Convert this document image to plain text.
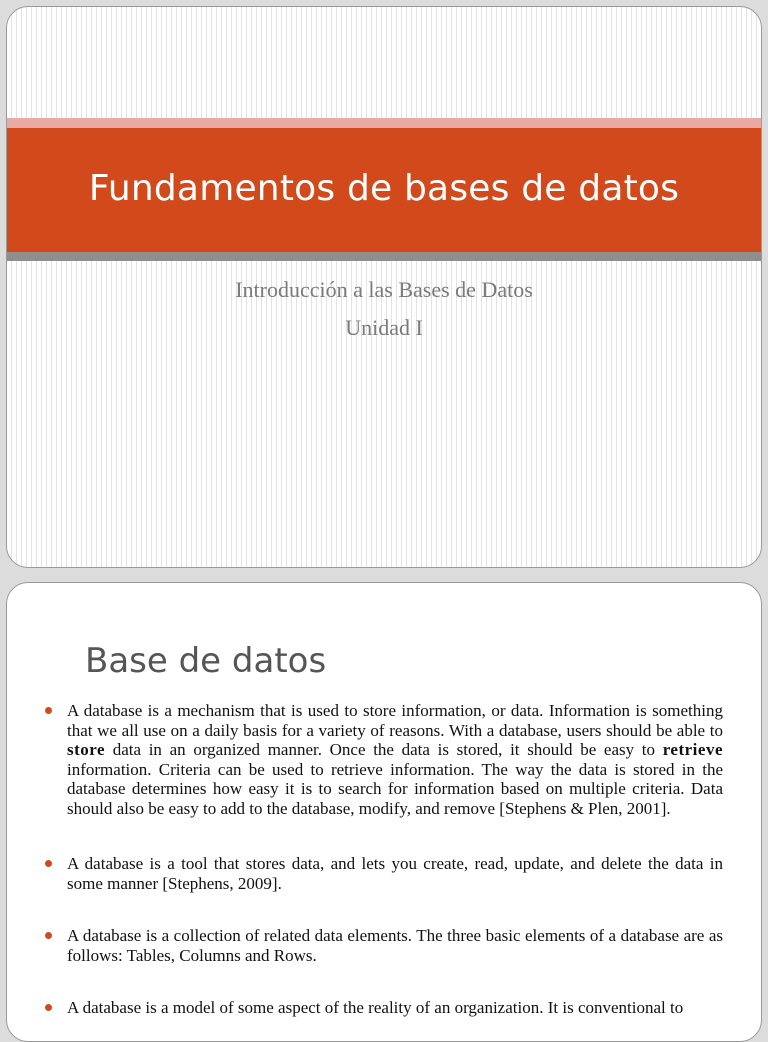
Fundamentos de bases de datos
Introducción a las Bases de Datos
Unidad I
Base de datos
A database is a mechanism that is used to store information, or data. Information is something that we all use on a daily basis for a variety of reasons. With a database, users should be able to store data in an organized manner. Once the data is stored, it should be easy to retrieve information. Criteria can be used to retrieve information. The way the data is stored in the database determines how easy it is to search for information based on multiple criteria. Data should also be easy to add to the database, modify, and remove [Stephens & Plen, 2001].
A database is a tool that stores data, and lets you create, read, update, and delete the data in some manner [Stephens, 2009].
A database is a collection of related data elements. The three basic elements of a database are as follows: Tables, Columns and Rows.
A database is a model of some aspect of the reality of an organization. It is conventional to
